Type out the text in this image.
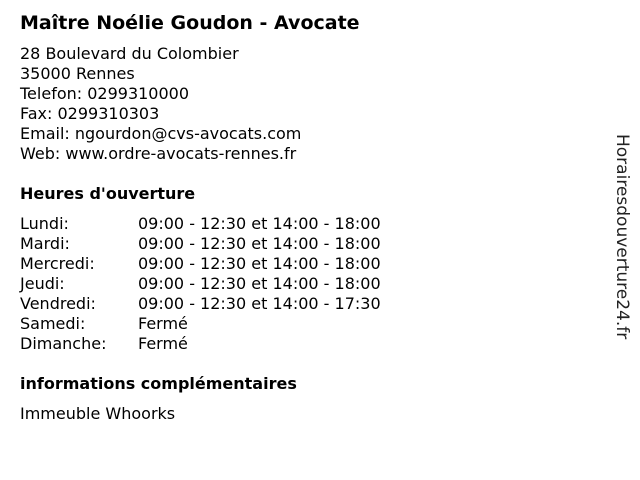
Maître Noélie Goudon - Avocate
28 Boulevard du Colombier
35000 Rennes
Telefon: 0299310000
Fax: 0299310303
Email: ngourdon@cvs-avocats.com
Web: www.ordre-avocats-rennes.fr
Heures d'ouverture
Lundi:	09:00 - 12:30 et 14:00 - 18:00
Mardi:	09:00 - 12:30 et 14:00 - 18:00
Mercredi:	09:00 - 12:30 et 14:00 - 18:00
Jeudi:	09:00 - 12:30 et 14:00 - 18:00
Vendredi:	09:00 - 12:30 et 14:00 - 17:30
Samedi:	Fermé
Dimanche:	Fermé
informations complémentaires
Immeuble Whoorks
Horairesdouverture24.fr
